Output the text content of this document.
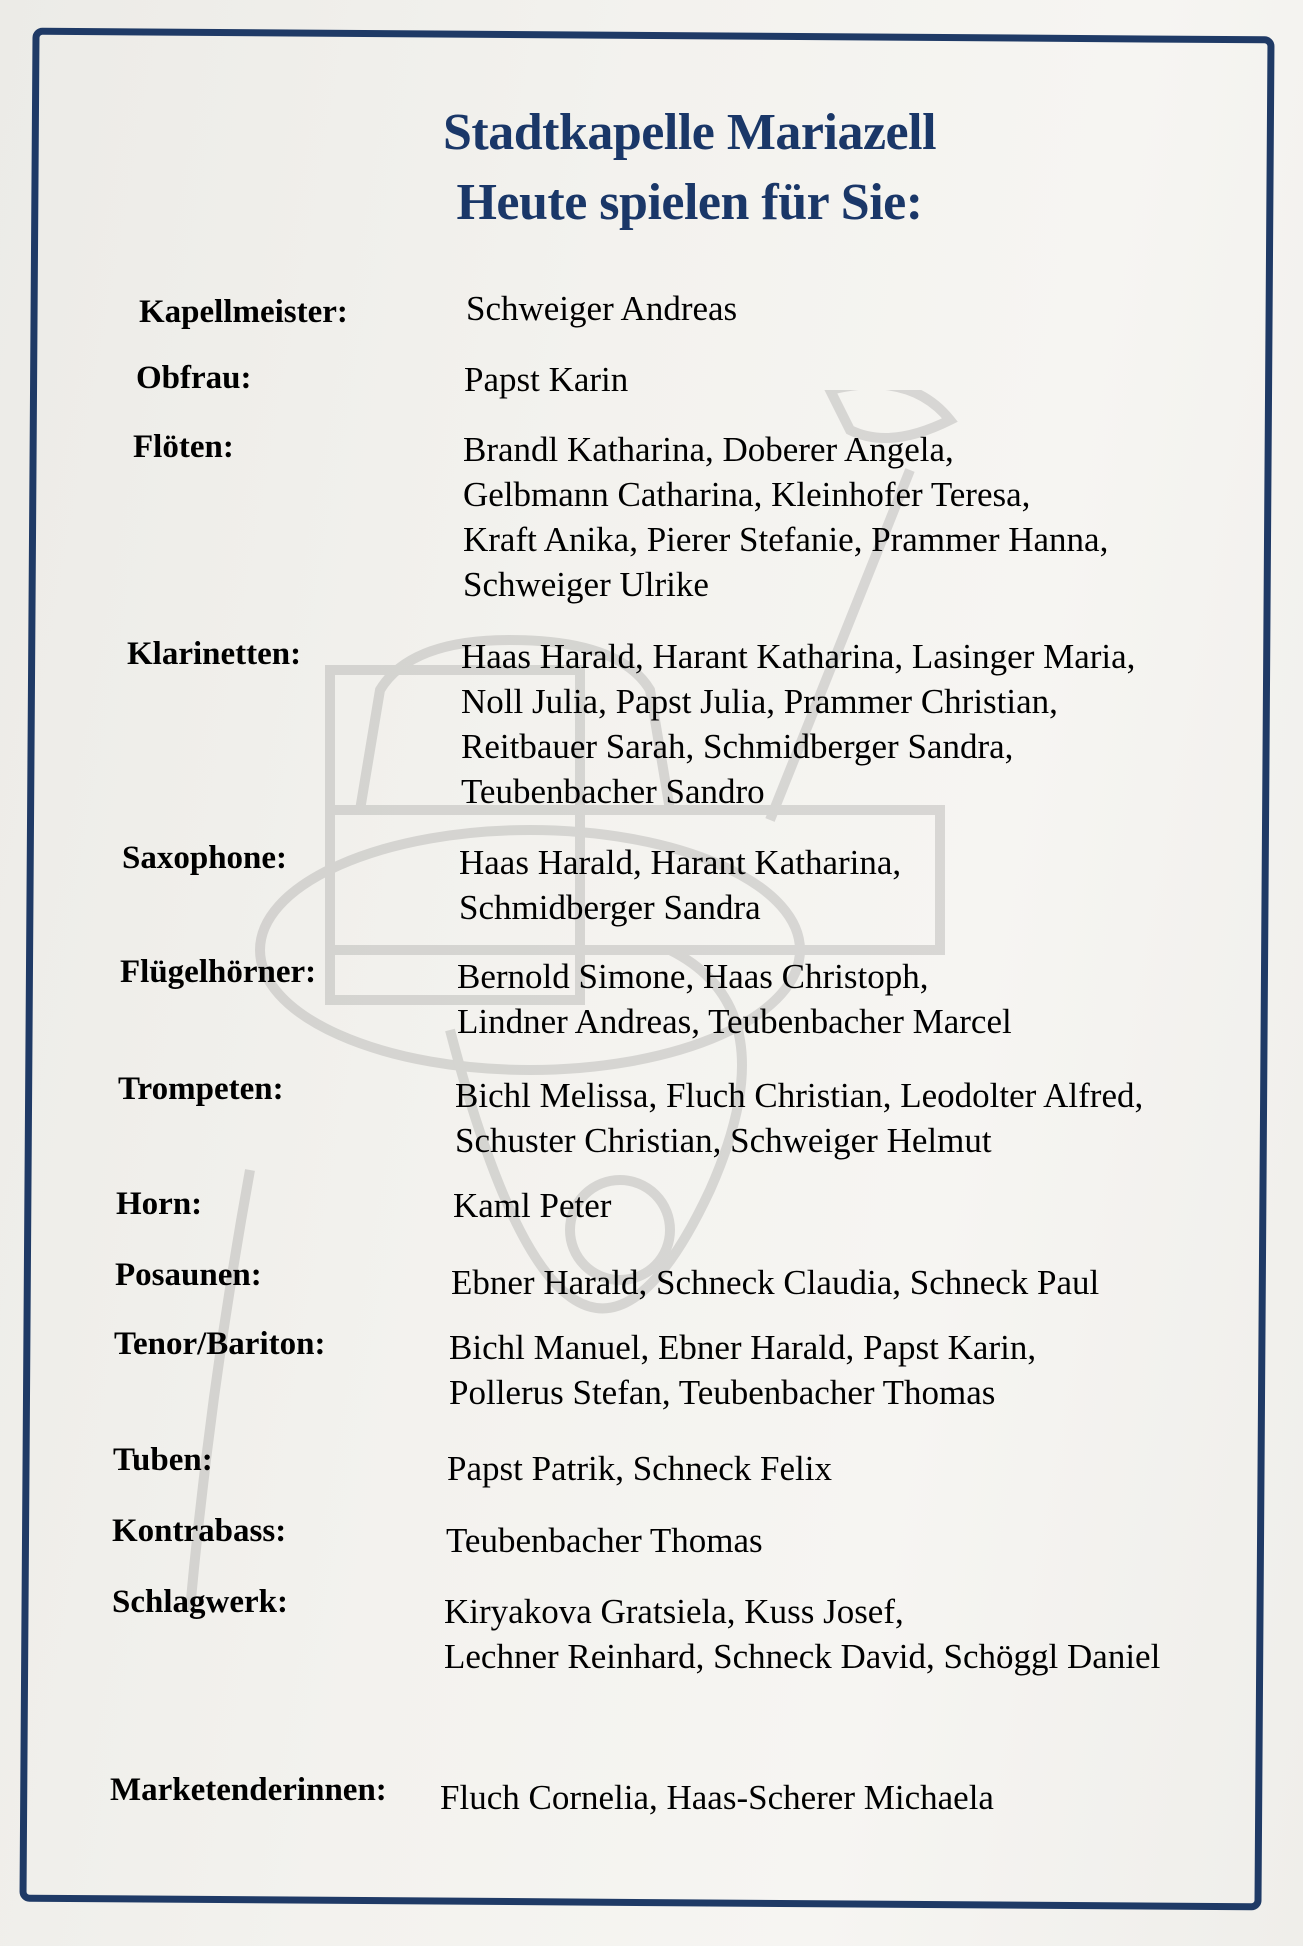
Stadtkapelle Mariazell
Heute spielen für Sie:
Kapellmeister:	Schweiger Andreas
Obfrau:	Papst Karin
Flöten:	Brandl Katharina, Doberer Angela,
Gelbmann Catharina, Kleinhofer Teresa,
Kraft Anika, Pierer Stefanie, Prammer Hanna,
Schweiger Ulrike
Klarinetten:	Haas Harald, Harant Katharina, Lasinger Maria,
Noll Julia, Papst Julia, Prammer Christian,
Reitbauer Sarah, Schmidberger Sandra,
Teubenbacher Sandro
Saxophone:	Haas Harald, Harant Katharina,
Schmidberger Sandra
Flügelhörner:	Bernold Simone, Haas Christoph,
Lindner Andreas, Teubenbacher Marcel
Trompeten:	Bichl Melissa, Fluch Christian, Leodolter Alfred,
Schuster Christian, Schweiger Helmut
Horn:	Kaml Peter
Posaunen:	Ebner Harald, Schneck Claudia, Schneck Paul
Tenor/Bariton:	Bichl Manuel, Ebner Harald, Papst Karin,
Pollerus Stefan, Teubenbacher Thomas
Tuben:	Papst Patrik, Schneck Felix
Kontrabass:	Teubenbacher Thomas
Schlagwerk:	Kiryakova Gratsiela, Kuss Josef,
Lechner Reinhard, Schneck David, Schöggl Daniel
Marketenderinnen: Fluch Cornelia, Haas-Scherer Michaela
